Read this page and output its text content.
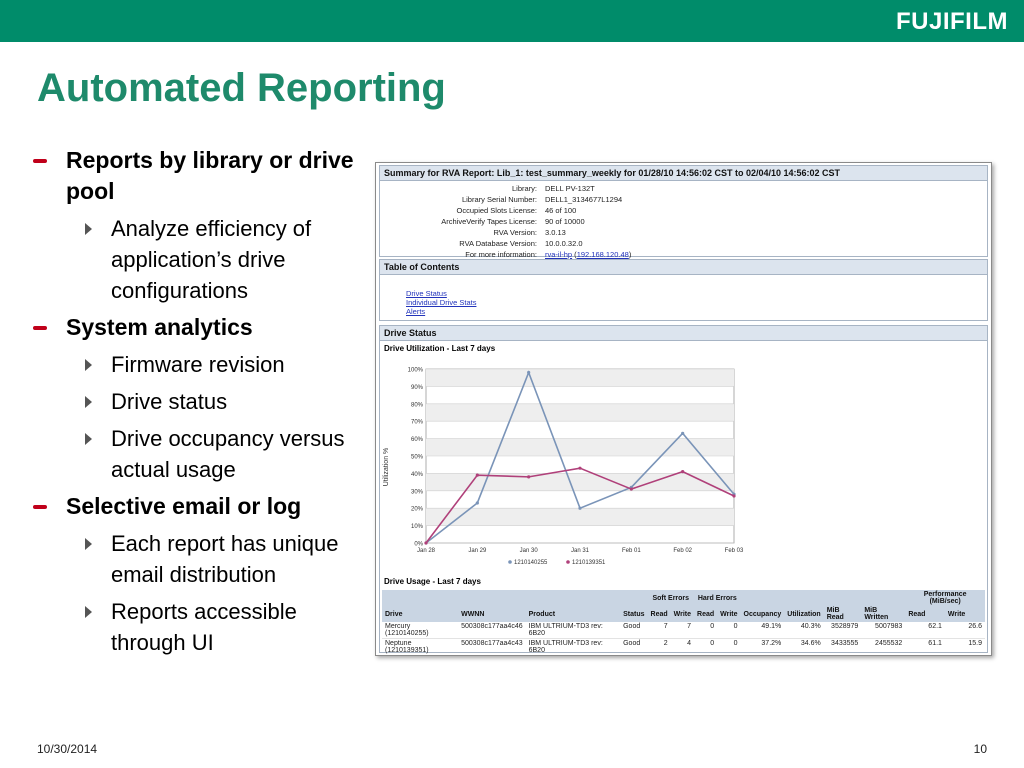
FUJIFILM
Automated Reporting
Reports by library or drive pool
Analyze efficiency of application’s drive configurations
System analytics
Firmware revision
Drive status
Drive occupancy versus actual usage
Selective email or log
Each report has unique email distribution
Reports accessible through UI
Summary for RVA Report: Lib_1: test_summary_weekly for 01/28/10 14:56:02 CST to 02/04/10 14:56:02 CST
Library: DELL PV-132T
Library Serial Number: DELL1_3134677L1294
Occupied Slots License: 46 of 100
ArchiveVerify Tapes License: 90 of 10000
RVA Version: 3.0.13
RVA Database Version: 10.0.0.32.0
For more information: rva-il-hp (192.168.120.48)
Table of Contents
Drive Status
Individual Drive Stats
Alerts
Drive Status
Drive Utilization - Last 7 days
Utilization %
0%
10%
20%
30%
40%
50%
60%
70%
80%
90%
100%
Jan 28	Jan 29	Jan 30	Jan 31	Feb 01	Feb 02	Feb 03
1210140255	1210139351
Drive Usage - Last 7 days
				Soft Errors		Hard Errors						Performance (MiB/sec)	
Drive	WWNN	Product	Status	Read	Write	Read	Write	Occupancy	Utilization	MiB Read	MiB Written	Read	Write
Mercury (1210140255)	500308c177aa4c46	IBM ULTRIUM-TD3 rev: 6B20	Good	7	7	0	0	49.1%	40.3%	3528979	5007983	62.1	26.6
Neptune (1210139351)	500308c177aa4c43	IBM ULTRIUM-TD3 rev: 6B20	Good	2	4	0	0	37.2%	34.6%	3433555	2455532	61.1	15.9
10/30/2014	10
